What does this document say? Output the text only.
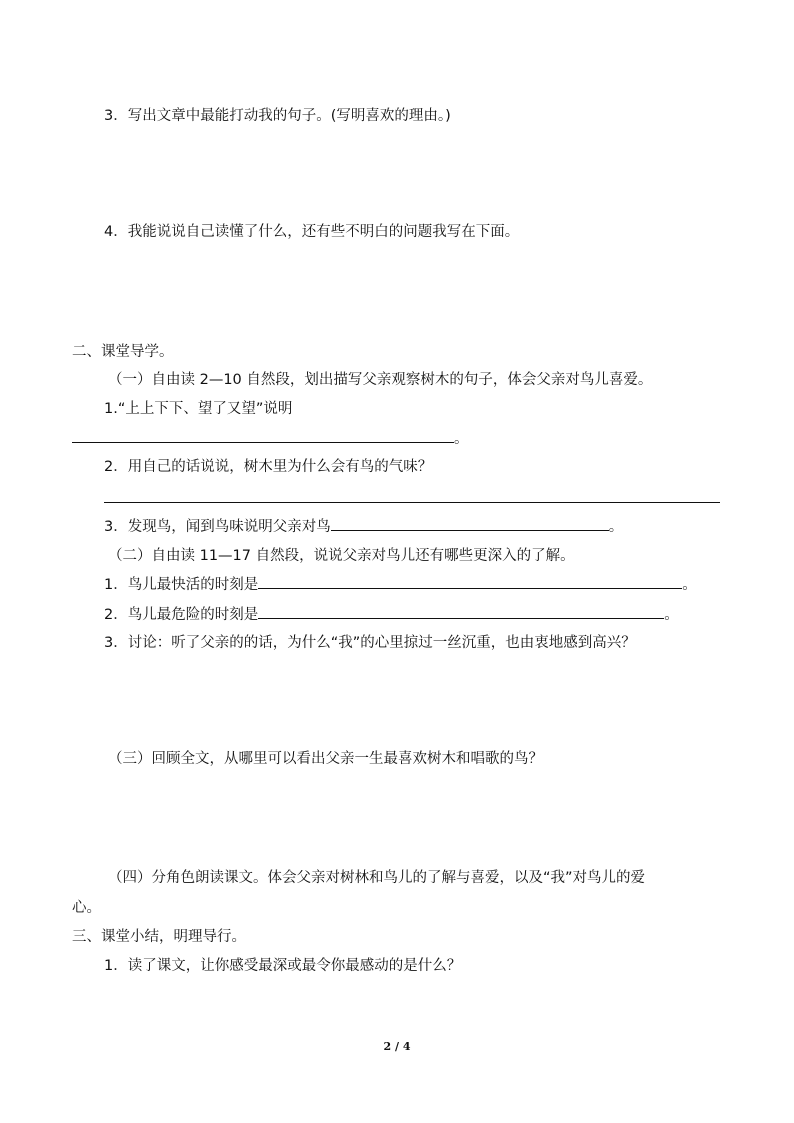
3．写出文章中最能打动我的句子。(写明喜欢的理由。)
4．我能说说自己读懂了什么，还有些不明白的问题我写在下面。
二、课堂导学。
（一）自由读 2—10 自然段，划出描写父亲观察树木的句子，体会父亲对鸟儿喜爱。
1.“上上下下、望了又望”说明
。
2．用自己的话说说，树木里为什么会有鸟的气味？
3．发现鸟，闻到鸟味说明父亲对鸟	。
（二）自由读 11—17 自然段，说说父亲对鸟儿还有哪些更深入的了解。
1．鸟儿最快活的时刻是	。
2．鸟儿最危险的时刻是	。
3．讨论：听了父亲的的话，为什么“我”的心里掠过一丝沉重，也由衷地感到高兴？
（三）回顾全文，从哪里可以看出父亲一生最喜欢树木和唱歌的鸟？
（四）分角色朗读课文。体会父亲对树林和鸟儿的了解与喜爱，以及“我”对鸟儿的爱
心。
三、课堂小结，明理导行。
1．读了课文，让你感受最深或最令你最感动的是什么？
2 / 4
